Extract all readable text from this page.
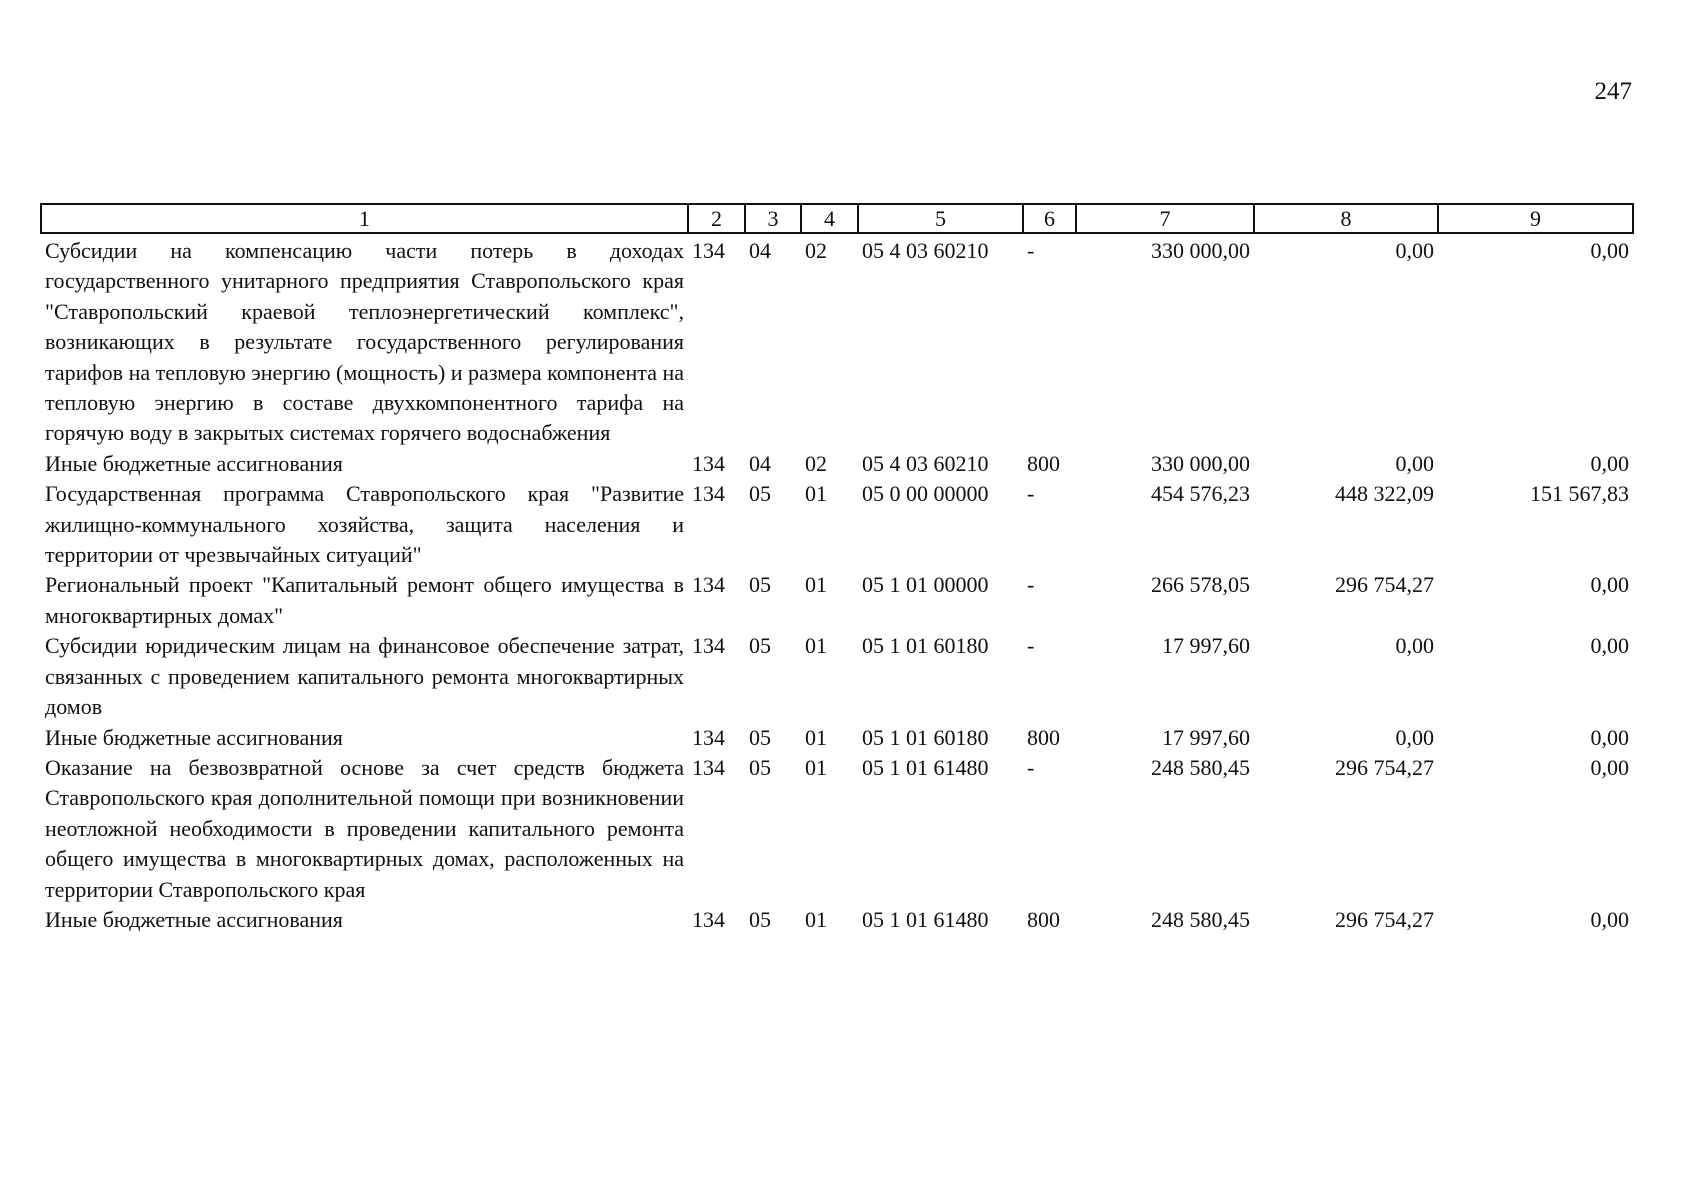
247
1	2	3	4	5	6	7	8	9
Субсидии на компенсацию части потерь в доходах государственного унитарного предприятия Ставропольского края "Ставропольский краевой теплоэнергетический комплекс", возникающих в результате государственного регулирования тарифов на тепловую энергию (мощность) и размера компонента на тепловую энергию в составе двухкомпонентного тарифа на горячую воду в закрытых системах горячего водоснабжения	134	04	02	05 4 03 60210	-	330 000,00	0,00	0,00
Иные бюджетные ассигнования	134	04	02	05 4 03 60210	800	330 000,00	0,00	0,00
Государственная программа Ставропольского края "Развитие жилищно-коммунального хозяйства, защита населения и территории от чрезвычайных ситуаций"	134	05	01	05 0 00 00000	-	454 576,23	448 322,09	151 567,83
Региональный проект "Капитальный ремонт общего имущества в многоквартирных домах"	134	05	01	05 1 01 00000	-	266 578,05	296 754,27	0,00
Субсидии юридическим лицам на финансовое обеспечение затрат, связанных с проведением капитального ремонта многоквартирных домов	134	05	01	05 1 01 60180	-	17 997,60	0,00	0,00
Иные бюджетные ассигнования	134	05	01	05 1 01 60180	800	17 997,60	0,00	0,00
Оказание на безвозвратной основе за счет средств бюджета Ставропольского края дополнительной помощи при возникновении неотложной необходимости в проведении капитального ремонта общего имущества в многоквартирных домах, расположенных на территории Ставропольского края	134	05	01	05 1 01 61480	-	248 580,45	296 754,27	0,00
Иные бюджетные ассигнования	134	05	01	05 1 01 61480	800	248 580,45	296 754,27	0,00
